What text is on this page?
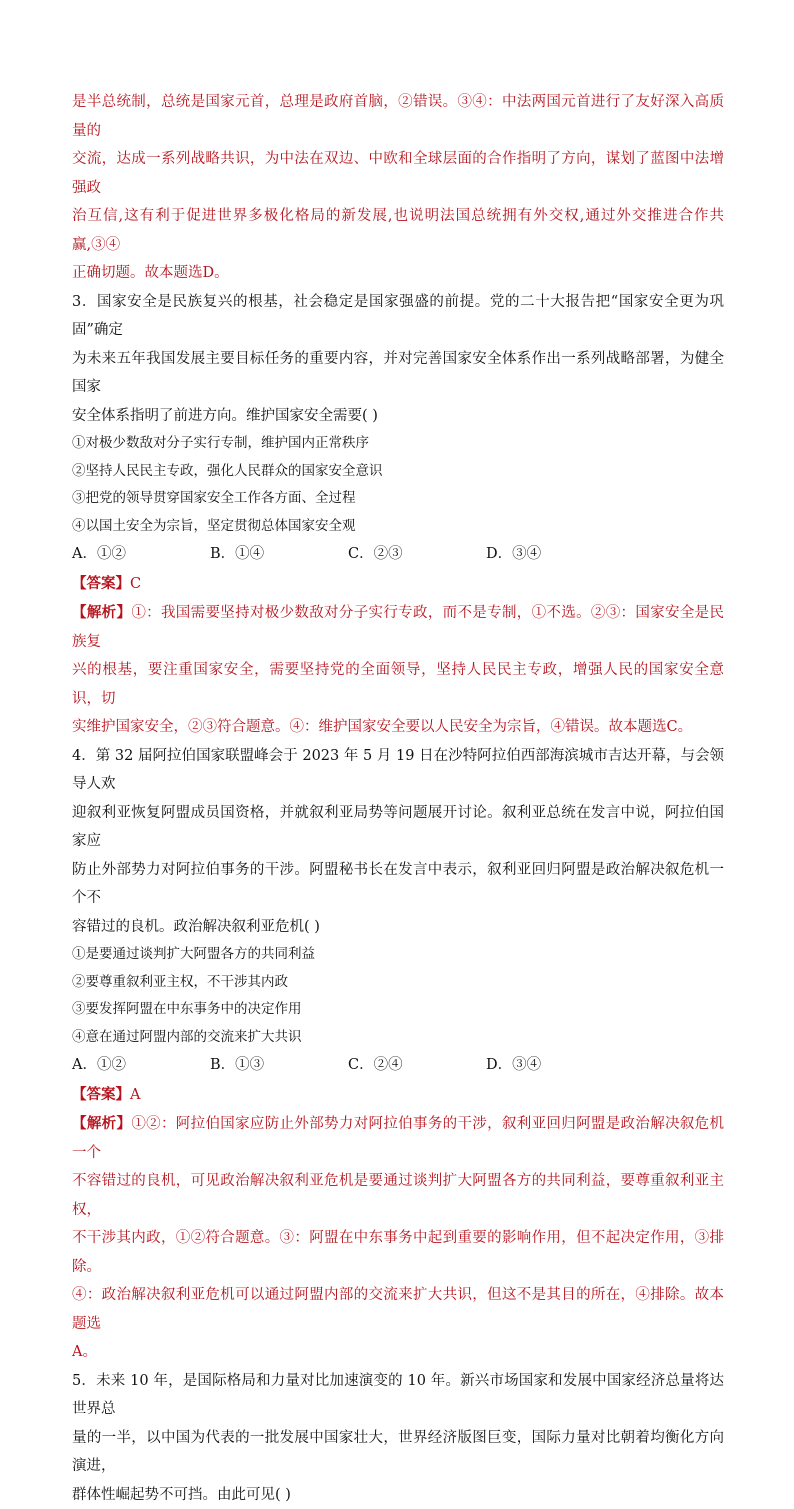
是半总统制，总统是国家元首，总理是政府首脑，②错误。③④：中法两国元首进行了友好深入高质量的

交流，达成一系列战略共识，为中法在双边、中欧和全球层面的合作指明了方向，谋划了蓝图中法增强政

治互信,这有利于促进世界多极化格局的新发展,也说明法国总统拥有外交权,通过外交推进合作共赢,③④

正确切题。故本题选D。

3．国家安全是民族复兴的根基，社会稳定是国家强盛的前提。党的二十大报告把“国家安全更为巩固”确定

为未来五年我国发展主要目标任务的重要内容，并对完善国家安全体系作出一系列战略部署，为健全国家

安全体系指明了前进方向。维护国家安全需要( )

①对极少数敌对分子实行专制，维护国内正常秩序

②坚持人民民主专政，强化人民群众的国家安全意识

③把党的领导贯穿国家安全工作各方面、全过程

④以国土安全为宗旨，坚定贯彻总体国家安全观

A．①②	B．①④	C．②③	D．③④

【答案】C

【解析】①：我国需要坚持对极少数敌对分子实行专政，而不是专制，①不选。②③：国家安全是民族复

兴的根基，要注重国家安全，需要坚持党的全面领导，坚持人民民主专政，增强人民的国家安全意识，切

实维护国家安全，②③符合题意。④：维护国家安全要以人民安全为宗旨，④错误。故本题选C。

4．第 32 届阿拉伯国家联盟峰会于 2023 年 5 月 19 日在沙特阿拉伯西部海滨城市吉达开幕，与会领导人欢

迎叙利亚恢复阿盟成员国资格，并就叙利亚局势等问题展开讨论。叙利亚总统在发言中说，阿拉伯国家应

防止外部势力对阿拉伯事务的干涉。阿盟秘书长在发言中表示，叙利亚回归阿盟是政治解决叙危机一个不

容错过的良机。政治解决叙利亚危机( )

①是要通过谈判扩大阿盟各方的共同利益

②要尊重叙利亚主权，不干涉其内政

③要发挥阿盟在中东事务中的决定作用

④意在通过阿盟内部的交流来扩大共识

A．①②	B．①③	C．②④	D．③④

【答案】A

【解析】①②：阿拉伯国家应防止外部势力对阿拉伯事务的干涉，叙利亚回归阿盟是政治解决叙危机一个

不容错过的良机，可见政治解决叙利亚危机是要通过谈判扩大阿盟各方的共同利益，要尊重叙利亚主权，

不干涉其内政，①②符合题意。③：阿盟在中东事务中起到重要的影响作用，但不起决定作用，③排除。

④：政治解决叙利亚危机可以通过阿盟内部的交流来扩大共识，但这不是其目的所在，④排除。故本题选

A。

5．未来 10 年，是国际格局和力量对比加速演变的 10 年。新兴市场国家和发展中国家经济总量将达世界总

量的一半，以中国为代表的一批发展中国家壮大，世界经济版图巨变，国际力量对比朝着均衡化方向演进，

群体性崛起势不可挡。由此可见( )
